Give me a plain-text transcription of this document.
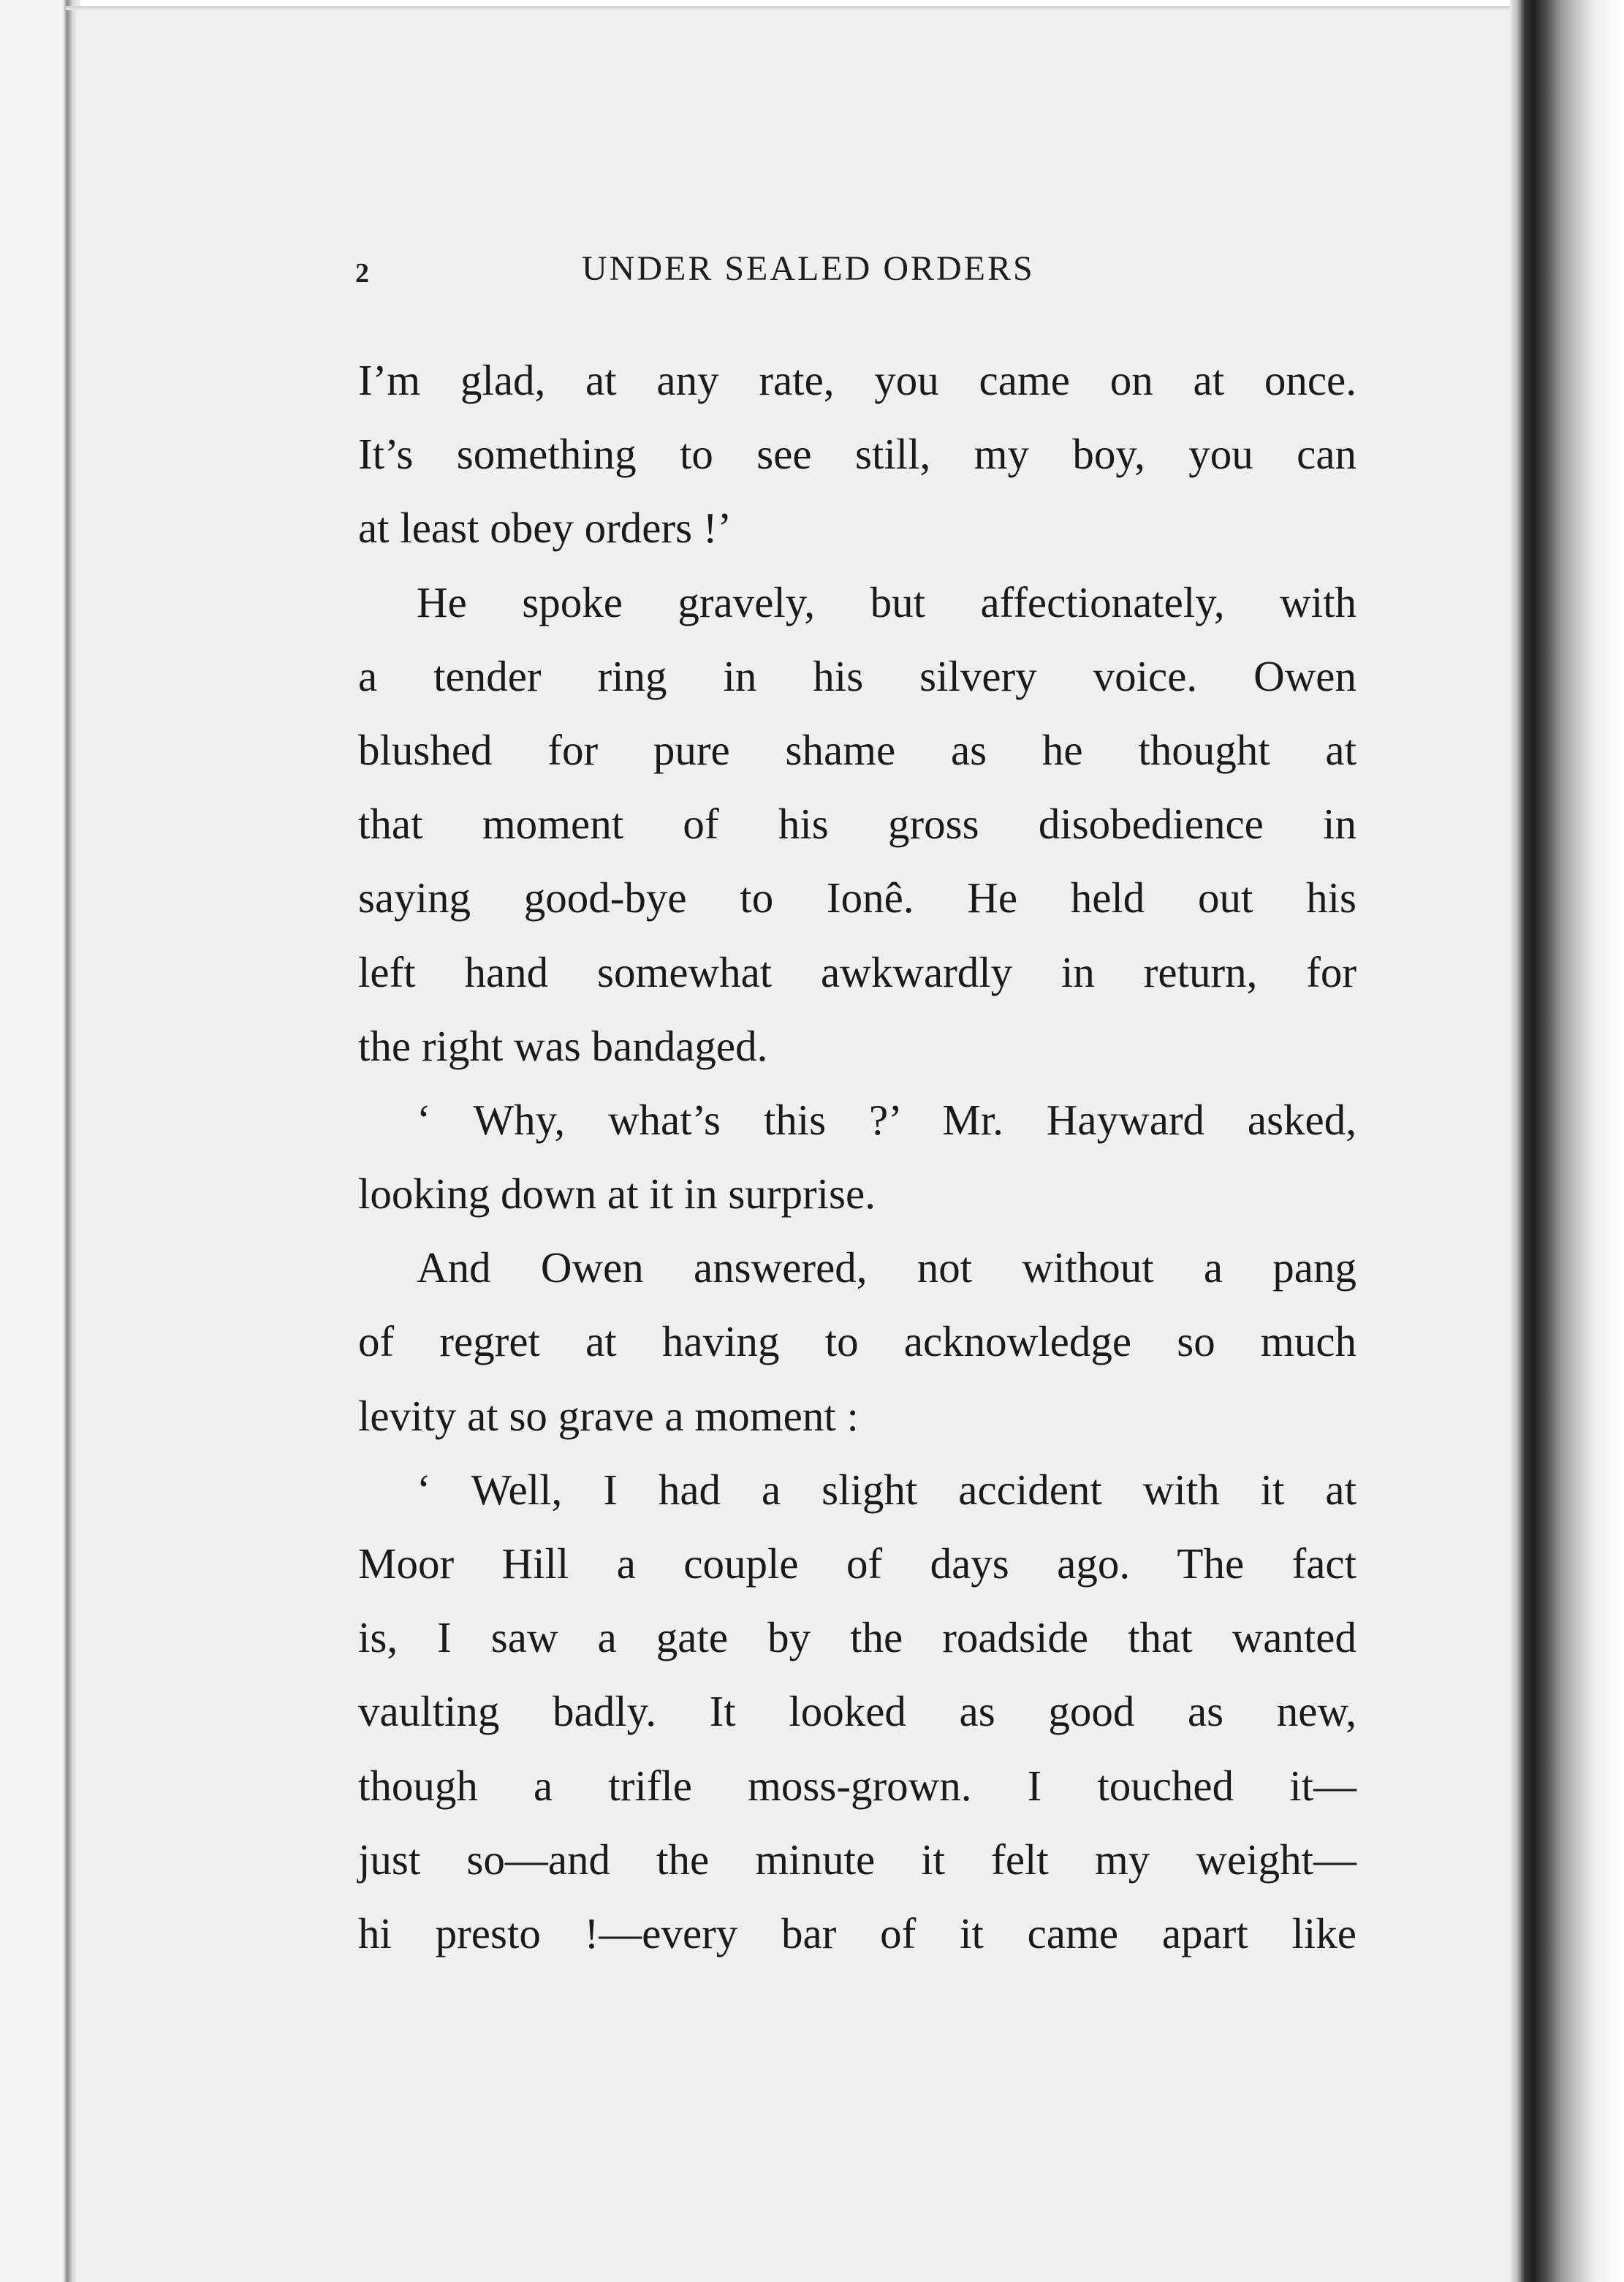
2	UNDER SEALED ORDERS
I’m glad, at any rate, you came on at once.
It’s something to see still, my boy, you can
at least obey orders !’
He spoke gravely, but affectionately, with
a tender ring in his silvery voice. Owen
blushed for pure shame as he thought at
that moment of his gross disobedience in
saying good-bye to Ionê. He held out his
left hand somewhat awkwardly in return, for
the right was bandaged.
‘ Why, what’s this ?’ Mr. Hayward asked,
looking down at it in surprise.
And Owen answered, not without a pang
of regret at having to acknowledge so much
levity at so grave a moment :
‘ Well, I had a slight accident with it at
Moor Hill a couple of days ago. The fact
is, I saw a gate by the roadside that wanted
vaulting badly. It looked as good as new,
though a trifle moss-grown. I touched it—
just so—and the minute it felt my weight—
hi presto !—every bar of it came apart like
